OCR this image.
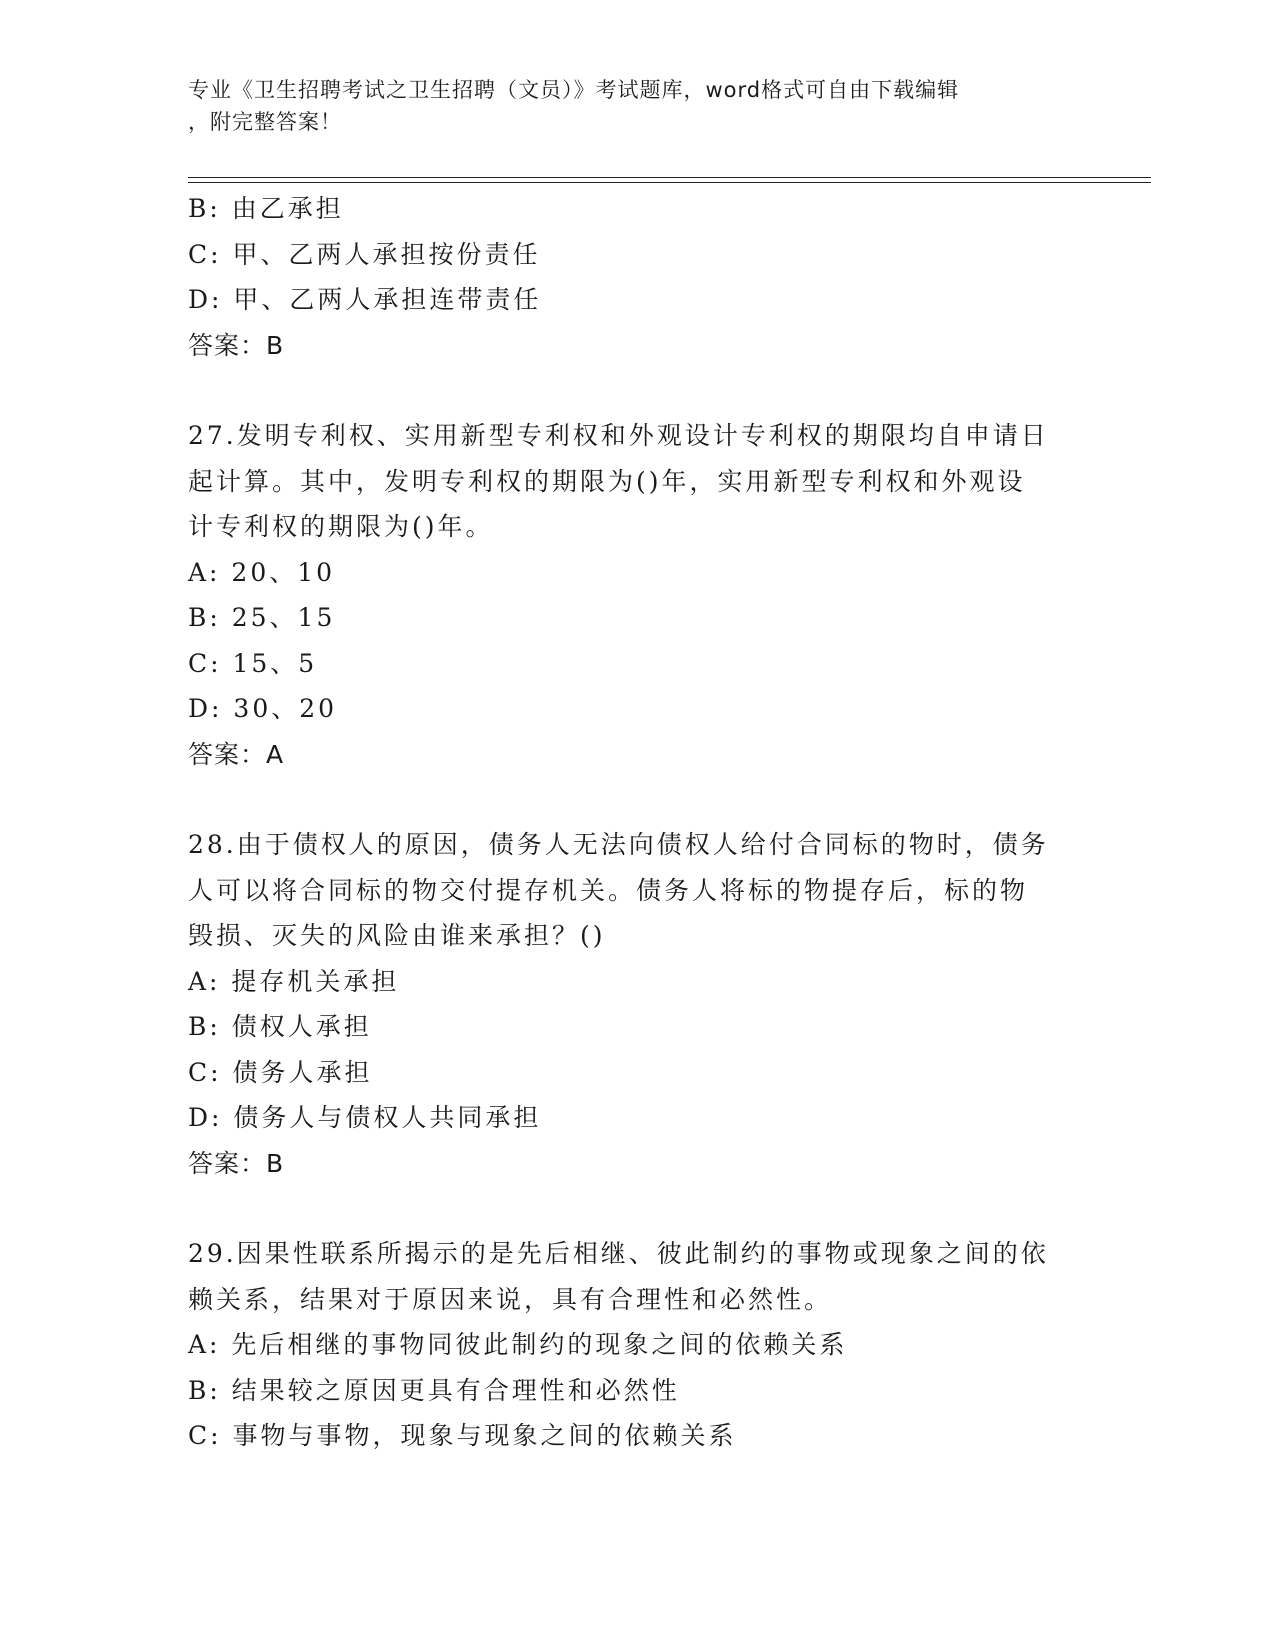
专业《卫生招聘考试之卫生招聘（文员）》考试题库，word格式可自由下载编辑
，附完整答案！
B: 由乙承担
C: 甲、乙两人承担按份责任
D: 甲、乙两人承担连带责任
答案：B
27.发明专利权、实用新型专利权和外观设计专利权的期限均自申请日
起计算。其中，发明专利权的期限为()年，实用新型专利权和外观设
计专利权的期限为()年。
A: 20、10
B: 25、15
C: 15、5
D: 30、20
答案：A
28.由于债权人的原因，债务人无法向债权人给付合同标的物时，债务
人可以将合同标的物交付提存机关。债务人将标的物提存后，标的物
毁损、灭失的风险由谁来承担？()
A: 提存机关承担
B: 债权人承担
C: 债务人承担
D: 债务人与债权人共同承担
答案：B
29.因果性联系所揭示的是先后相继、彼此制约的事物或现象之间的依
赖关系，结果对于原因来说，具有合理性和必然性。
A: 先后相继的事物同彼此制约的现象之间的依赖关系
B: 结果较之原因更具有合理性和必然性
C: 事物与事物，现象与现象之间的依赖关系
